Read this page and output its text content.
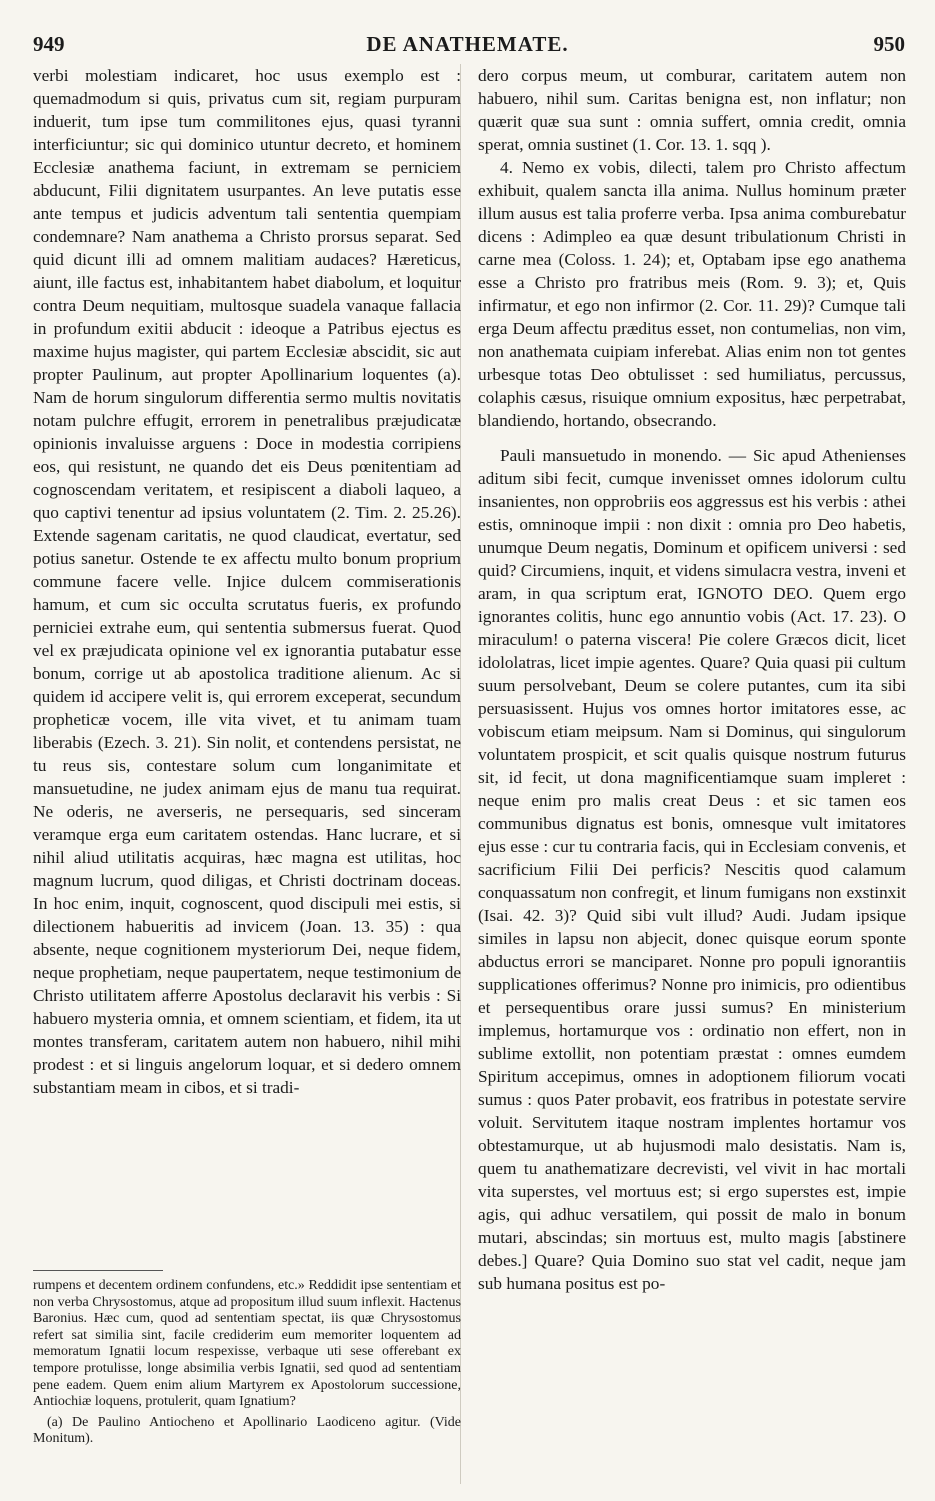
949	DE ANATHEMATE.	950

verbi molestiam indicaret, hoc usus exemplo est : quemadmodum si quis, privatus cum sit, regiam purpuram induerit, tum ipse tum commilitones ejus, quasi tyranni interficiuntur; sic qui dominico utuntur decreto, et hominem Ecclesiæ anathema faciunt, in extremam se perniciem abducunt, Filii dignitatem usurpantes. An leve putatis esse ante tempus et judicis adventum tali sententia quempiam condemnare? Nam anathema a Christo prorsus separat. Sed quid dicunt illi ad omnem malitiam audaces? Hæreticus, aiunt, ille factus est, inhabitantem habet diabolum, et loquitur contra Deum nequitiam, multosque suadela vanaque fallacia in profundum exitii abducit : ideoque a Patribus ejectus es maxime hujus magister, qui partem Ecclesiæ abscidit, sic aut propter Paulinum, aut propter Apollinarium loquentes (a). Nam de horum singulorum differentia sermo multis novitatis notam pulchre effugit, errorem in penetralibus præjudicatæ opinionis invaluisse arguens : Doce in modestia corripiens eos, qui resistunt, ne quando det eis Deus pœnitentiam ad cognoscendam veritatem, et resipiscent a diaboli laqueo, a quo captivi tenentur ad ipsius voluntatem (2. Tim. 2. 25.26). Extende sagenam caritatis, ne quod claudicat, evertatur, sed potius sanetur. Ostende te ex affectu multo bonum proprium commune facere velle. Injice dulcem commiserationis hamum, et cum sic occulta scrutatus fueris, ex profundo perniciei extrahe eum, qui sententia submersus fuerat. Quod vel ex præjudicata opinione vel ex ignorantia putabatur esse bonum, corrige ut ab apostolica traditione alienum. Ac si quidem id accipere velit is, qui errorem exceperat, secundum propheticæ vocem, ille vita vivet, et tu animam tuam liberabis (Ezech. 3. 21). Sin nolit, et contendens persistat, ne tu reus sis, contestare solum cum longanimitate et mansuetudine, ne judex animam ejus de manu tua requirat. Ne oderis, ne averseris, ne persequaris, sed sinceram veramque erga eum caritatem ostendas. Hanc lucrare, et si nihil aliud utilitatis acquiras, hæc magna est utilitas, hoc magnum lucrum, quod diligas, et Christi doctrinam doceas. In hoc enim, inquit, cognoscent, quod discipuli mei estis, si dilectionem habueritis ad invicem (Joan. 13. 35) : qua absente, neque cognitionem mysteriorum Dei, neque fidem, neque prophetiam, neque paupertatem, neque testimonium de Christo utilitatem afferre Apostolus declaravit his verbis : Si habuero mysteria omnia, et omnem scientiam, et fidem, ita ut montes transferam, caritatem autem non habuero, nihil mihi prodest : et si linguis angelorum loquar, et si dedero omnem substantiam meam in cibos, et si tradi-

dero corpus meum, ut comburar, caritatem autem non habuero, nihil sum. Caritas benigna est, non inflatur; non quærit quæ sua sunt : omnia suffert, omnia credit, omnia sperat, omnia sustinet (1. Cor. 13. 1. sqq ).

4. Nemo ex vobis, dilecti, talem pro Christo affectum exhibuit, qualem sancta illa anima. Nullus hominum præter illum ausus est talia proferre verba. Ipsa anima comburebatur dicens : Adimpleo ea quæ desunt tribulationum Christi in carne mea (Coloss. 1. 24); et, Optabam ipse ego anathema esse a Christo pro fratribus meis (Rom. 9. 3); et, Quis infirmatur, et ego non infirmor (2. Cor. 11. 29)? Cumque tali erga Deum affectu præditus esset, non contumelias, non vim, non anathemata cuipiam inferebat. Alias enim non tot gentes urbesque totas Deo obtulisset : sed humiliatus, percussus, colaphis cæsus, risuique omnium expositus, hæc perpetrabat, blandiendo, hortando, obsecrando.

Pauli mansuetudo in monendo. — Sic apud Athenienses aditum sibi fecit, cumque invenisset omnes idolorum cultu insanientes, non opprobriis eos aggressus est his verbis : athei estis, omninoque impii : non dixit : omnia pro Deo habetis, unumque Deum negatis, Dominum et opificem universi : sed quid? Circumiens, inquit, et videns simulacra vestra, inveni et aram, in qua scriptum erat, IGNOTO DEO. Quem ergo ignorantes colitis, hunc ego annuntio vobis (Act. 17. 23). O miraculum! o paterna viscera! Pie colere Græcos dicit, licet idololatras, licet impie agentes. Quare? Quia quasi pii cultum suum persolvebant, Deum se colere putantes, cum ita sibi persuasissent. Hujus vos omnes hortor imitatores esse, ac vobiscum etiam meipsum. Nam si Dominus, qui singulorum voluntatem prospicit, et scit qualis quisque nostrum futurus sit, id fecit, ut dona magnificentiamque suam impleret : neque enim pro malis creat Deus : et sic tamen eos communibus dignatus est bonis, omnesque vult imitatores ejus esse : cur tu contraria facis, qui in Ecclesiam convenis, et sacrificium Filii Dei perficis? Nescitis quod calamum conquassatum non confregit, et linum fumigans non exstinxit (Isai. 42. 3)? Quid sibi vult illud? Audi. Judam ipsique similes in lapsu non abjecit, donec quisque eorum sponte abductus errori se manciparet. Nonne pro populi ignorantiis supplicationes offerimus? Nonne pro inimicis, pro odientibus et persequentibus orare jussi sumus? En ministerium implemus, hortamurque vos : ordinatio non effert, non in sublime extollit, non potentiam præstat : omnes eumdem Spiritum accepimus, omnes in adoptionem filiorum vocati sumus : quos Pater probavit, eos fratribus in potestate servire voluit. Servitutem itaque nostram implentes hortamur vos obtestamurque, ut ab hujusmodi malo desistatis. Nam is, quem tu anathematizare decrevisti, vel vivit in hac mortali vita superstes, vel mortuus est; si ergo superstes est, impie agis, qui adhuc versatilem, qui possit de malo in bonum mutari, abscindas; sin mortuus est, multo magis [abstinere debes.] Quare? Quia Domino suo stat vel cadit, neque jam sub humana positus est po-

rumpens et decentem ordinem confundens, etc.» Reddidit ipse sententiam et non verba Chrysostomus, atque ad propositum illud suum inflexit. Hactenus Baronius. Hæc cum, quod ad sententiam spectat, iis quæ Chrysostomus refert sat similia sint, facile crediderim eum memoriter loquentem ad memoratum Ignatii locum respexisse, verbaque uti sese offerebant ex tempore protulisse, longe absimilia verbis Ignatii, sed quod ad sententiam pene eadem. Quem enim alium Martyrem ex Apostolorum successione, Antiochiæ loquens, protulerit, quam Ignatium?

(a) De Paulino Antiocheno et Apollinario Laodiceno agitur. (Vide Monitum).
